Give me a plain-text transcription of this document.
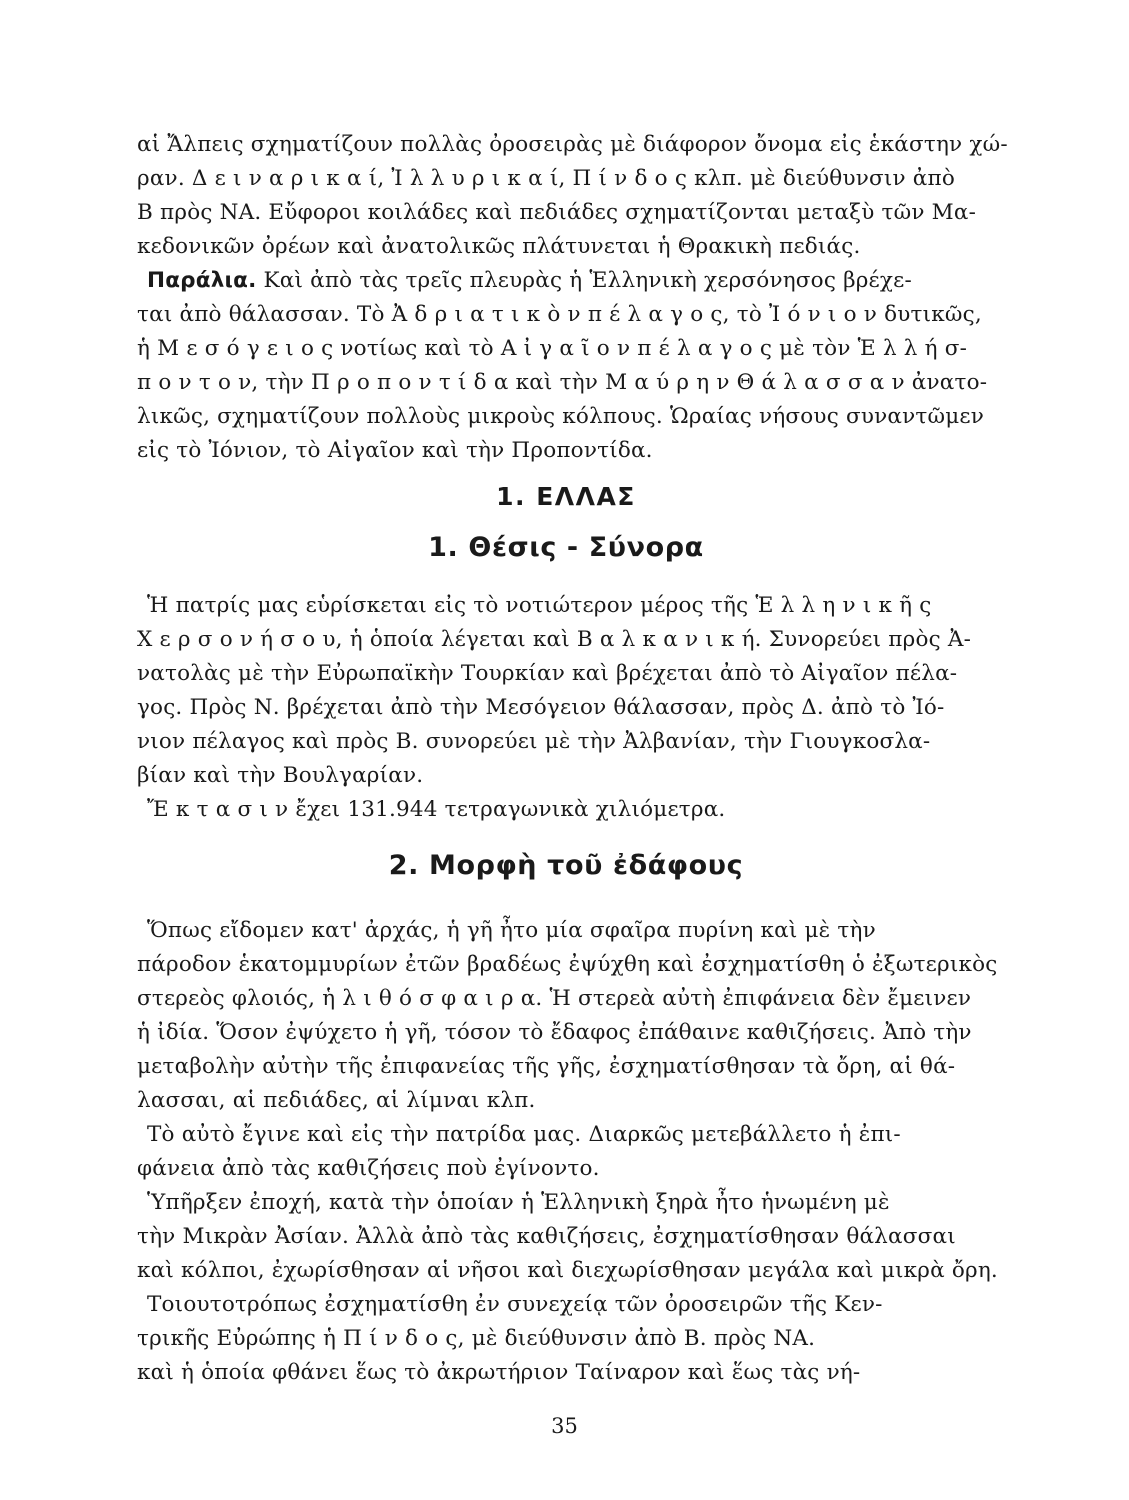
αἱ Ἄλπεις σχηματίζουν πολλὰς ὀροσειρὰς μὲ διάφορον ὄνομα εἰς ἑκάστην χώ-
ραν. Δ ε ι ν α ρ ι κ α ί, Ἰ λ λ υ ρ ι κ α ί, Π ί ν δ ο ς κλπ. μὲ διεύθυνσιν ἀπὸ
Β πρὸς ΝΑ. Εὔφοροι κοιλάδες καὶ πεδιάδες σχηματίζονται μεταξὺ τῶν Μα-
κεδονικῶν ὀρέων καὶ ἀνατολικῶς πλάτυνεται ἡ Θρακικὴ πεδιάς.
Παράλια. Καὶ ἀπὸ τὰς τρεῖς πλευρὰς ἡ Ἑλληνικὴ χερσόνησος βρέχε-
ται ἀπὸ θάλασσαν. Τὸ Ἀ δ ρ ι α τ ι κ ὸ ν π έ λ α γ ο ς, τὸ Ἰ ό ν ι ο ν δυτικῶς,
ἡ Μ ε σ ό γ ε ι ο ς νοτίως καὶ τὸ Α ἰ γ α ῖ ο ν π έ λ α γ ο ς μὲ τὸν Ἑ λ λ ή σ-
π ο ν τ ο ν, τὴν Π ρ ο π ο ν τ ί δ α καὶ τὴν Μ α ύ ρ η ν Θ ά λ α σ σ α ν ἀνατο-
λικῶς, σχηματίζουν πολλοὺς μικροὺς κόλπους. Ὡραίας νήσους συναντῶμεν
εἰς τὸ Ἰόνιον, τὸ Αἰγαῖον καὶ τὴν Προποντίδα.
1. ΕΛΛΑΣ
1. Θέσις - Σύνορα
Ἡ πατρίς μας εὑρίσκεται εἰς τὸ νοτιώτερον μέρος τῆς Ἑ λ λ η ν ι κ ῆ ς
Χ ε ρ σ ο ν ή σ ο υ, ἡ ὁποία λέγεται καὶ Β α λ κ α ν ι κ ή. Συνορεύει πρὸς Ἀ-
νατολὰς μὲ τὴν Εὐρωπαϊκὴν Τουρκίαν καὶ βρέχεται ἀπὸ τὸ Αἰγαῖον πέλα-
γος. Πρὸς Ν. βρέχεται ἀπὸ τὴν Μεσόγειον θάλασσαν, πρὸς Δ. ἀπὸ τὸ Ἰό-
νιον πέλαγος καὶ πρὸς Β. συνορεύει μὲ τὴν Ἀλβανίαν, τὴν Γιουγκοσλα-
βίαν καὶ τὴν Βουλγαρίαν.
Ἔ κ τ α σ ι ν ἔχει 131.944 τετραγωνικὰ χιλιόμετρα.
2. Μορφὴ τοῦ ἐδάφους
Ὅπως εἴδομεν κατ' ἀρχάς, ἡ γῆ ἦτο μία σφαῖρα πυρίνη καὶ μὲ τὴν
πάροδον ἑκατομμυρίων ἐτῶν βραδέως ἐψύχθη καὶ ἐσχηματίσθη ὁ ἐξωτερικὸς
στερεὸς φλοιός, ἡ λ ι θ ό σ φ α ι ρ α. Ἡ στερεὰ αὐτὴ ἐπιφάνεια δὲν ἔμεινεν
ἡ ἰδία. Ὅσον ἐψύχετο ἡ γῆ, τόσον τὸ ἔδαφος ἐπάθαινε καθιζήσεις. Ἀπὸ τὴν
μεταβολὴν αὐτὴν τῆς ἐπιφανείας τῆς γῆς, ἐσχηματίσθησαν τὰ ὄρη, αἱ θά-
λασσαι, αἱ πεδιάδες, αἱ λίμναι κλπ.
Τὸ αὐτὸ ἔγινε καὶ εἰς τὴν πατρίδα μας. Διαρκῶς μετεβάλλετο ἡ ἐπι-
φάνεια ἀπὸ τὰς καθιζήσεις ποὺ ἐγίνοντο.
Ὑπῆρξεν ἐποχή, κατὰ τὴν ὁποίαν ἡ Ἑλληνικὴ ξηρὰ ἦτο ἡνωμένη μὲ
τὴν Μικρὰν Ἀσίαν. Ἀλλὰ ἀπὸ τὰς καθιζήσεις, ἐσχηματίσθησαν θάλασσαι
καὶ κόλποι, ἐχωρίσθησαν αἱ νῆσοι καὶ διεχωρίσθησαν μεγάλα καὶ μικρὰ ὄρη.
Τοιουτοτρόπως ἐσχηματίσθη ἐν συνεχείᾳ τῶν ὀροσειρῶν τῆς Κεν-
τρικῆς Εὐρώπης ἡ Π ί ν δ ο ς, μὲ διεύθυνσιν ἀπὸ Β. πρὸς ΝΑ.
καὶ ἡ ὁποία φθάνει ἕως τὸ ἀκρωτήριον Ταίναρον καὶ ἕως τὰς νή-
35
